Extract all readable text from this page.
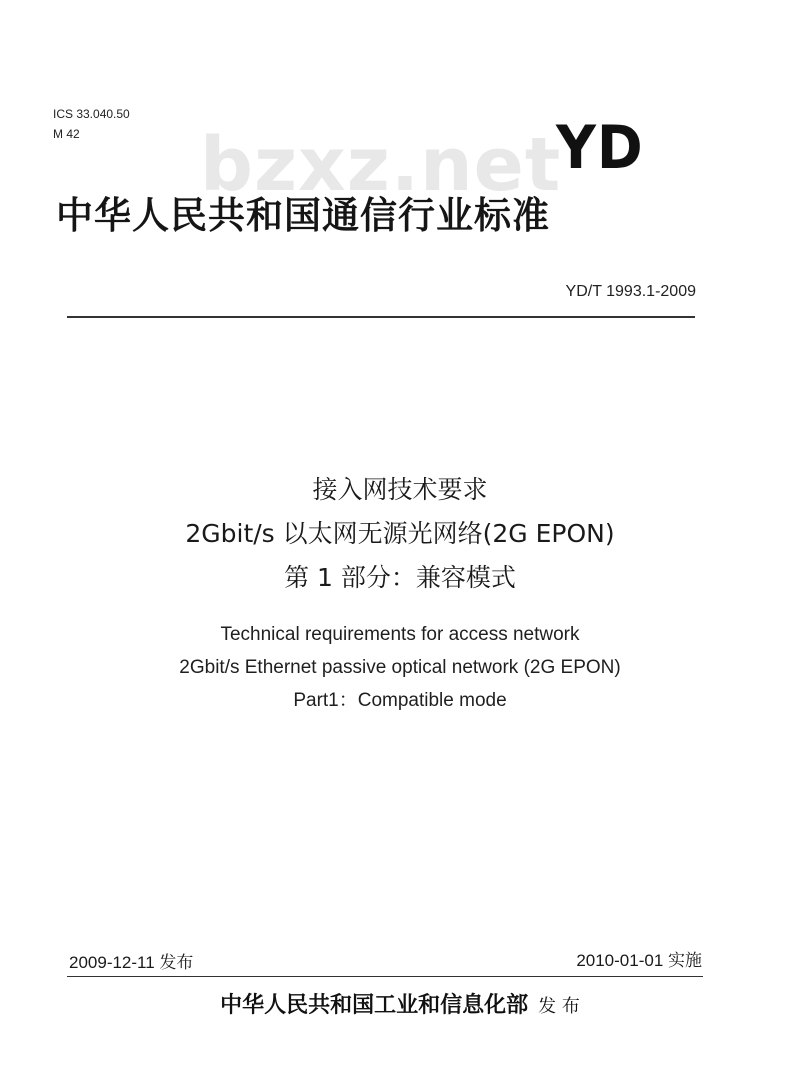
ICS 33.040.50
M 42	bzxz.net
YD
中华人民共和国通信行业标准
YD/T 1993.1-2009
接入网技术要求
2Gbit/s 以太网无源光网络(2G EPON)
第 1 部分：兼容模式
Technical requirements for access network
2Gbit/s Ethernet passive optical network (2G EPON)
Part1：Compatible mode
2009-12-11 发布	2010-01-01 实施
中华人民共和国工业和信息化部 发 布
